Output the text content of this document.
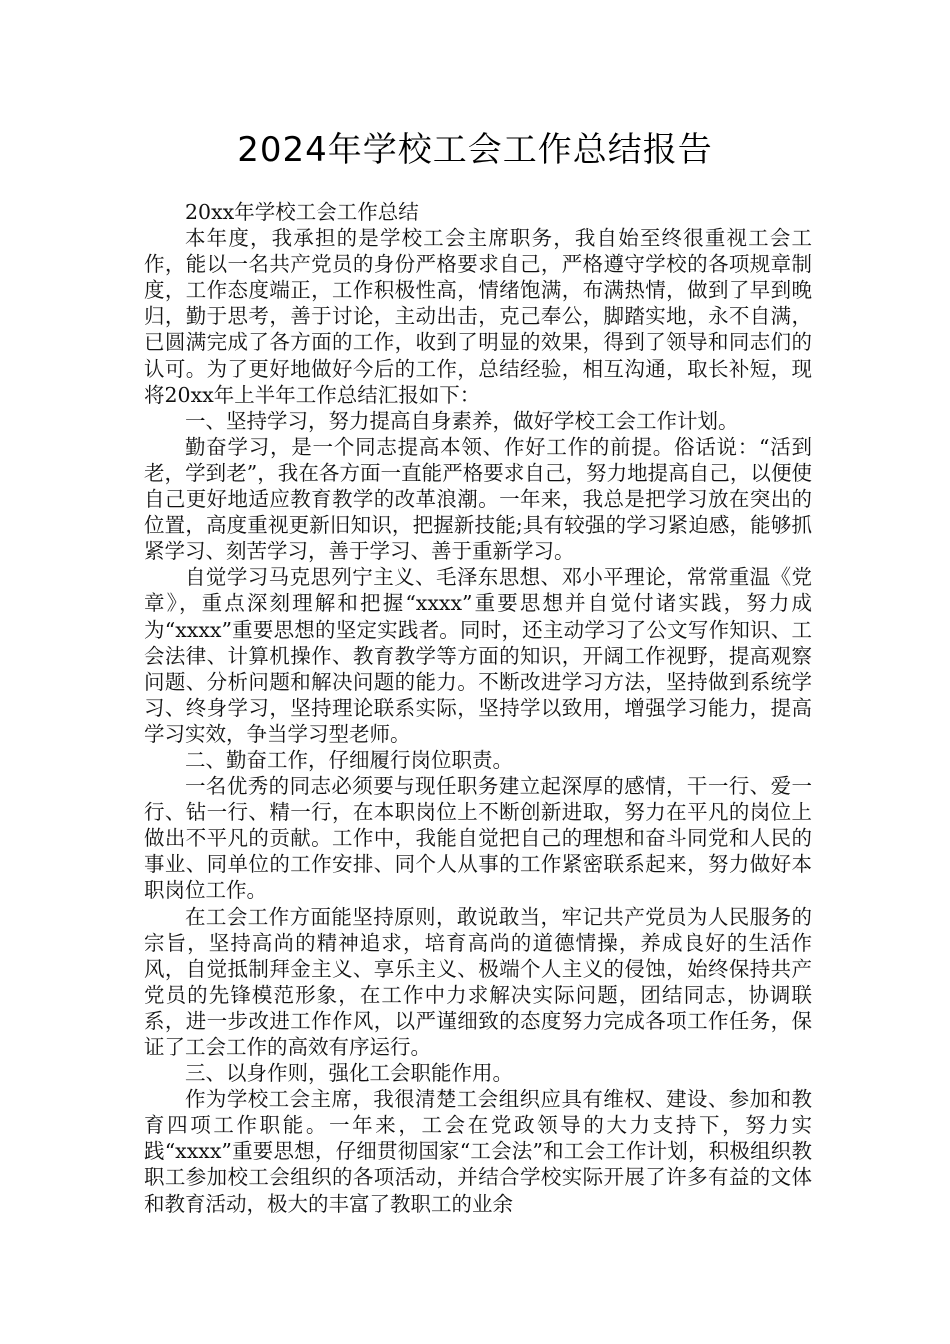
2024年学校工会工作总结报告

20xx年学校工会工作总结

本年度，我承担的是学校工会主席职务，我自始至终很重视工会工作，能以一名共产党员的身份严格要求自己，严格遵守学校的各项规章制度，工作态度端正，工作积极性高，情绪饱满，布满热情，做到了早到晚归，勤于思考，善于讨论，主动出击，克己奉公，脚踏实地，永不自满，已圆满完成了各方面的工作，收到了明显的效果，得到了领导和同志们的认可。为了更好地做好今后的工作，总结经验，相互沟通，取长补短，现将20xx年上半年工作总结汇报如下：

一、坚持学习，努力提高自身素养，做好学校工会工作计划。

勤奋学习，是一个同志提高本领、作好工作的前提。俗话说：“活到老，学到老”，我在各方面一直能严格要求自己，努力地提高自己，以便使自己更好地适应教育教学的改革浪潮。一年来，我总是把学习放在突出的位置，高度重视更新旧知识，把握新技能;具有较强的学习紧迫感，能够抓紧学习、刻苦学习，善于学习、善于重新学习。

自觉学习马克思列宁主义、毛泽东思想、邓小平理论，常常重温《党章》，重点深刻理解和把握“xxxx”重要思想并自觉付诸实践，努力成为“xxxx”重要思想的坚定实践者。同时，还主动学习了公文写作知识、工会法律、计算机操作、教育教学等方面的知识，开阔工作视野，提高观察问题、分析问题和解决问题的能力。不断改进学习方法，坚持做到系统学习、终身学习，坚持理论联系实际，坚持学以致用，增强学习能力，提高学习实效，争当学习型老师。

二、勤奋工作，仔细履行岗位职责。

一名优秀的同志必须要与现任职务建立起深厚的感情，干一行、爱一行、钻一行、精一行，在本职岗位上不断创新进取，努力在平凡的岗位上做出不平凡的贡献。工作中，我能自觉把自己的理想和奋斗同党和人民的事业、同单位的工作安排、同个人从事的工作紧密联系起来，努力做好本职岗位工作。

在工会工作方面能坚持原则，敢说敢当，牢记共产党员为人民服务的宗旨，坚持高尚的精神追求，培育高尚的道德情操，养成良好的生活作风，自觉抵制拜金主义、享乐主义、极端个人主义的侵蚀，始终保持共产党员的先锋模范形象，在工作中力求解决实际问题，团结同志，协调联系，进一步改进工作作风，以严谨细致的态度努力完成各项工作任务，保证了工会工作的高效有序运行。

三、以身作则，强化工会职能作用。

作为学校工会主席，我很清楚工会组织应具有维权、建设、参加和教育四项工作职能。一年来，工会在党政领导的大力支持下，努力实践“xxxx”重要思想，仔细贯彻国家“工会法”和工会工作计划，积极组织教职工参加校工会组织的各项活动，并结合学校实际开展了许多有益的文体和教育活动，极大的丰富了教职工的业余
